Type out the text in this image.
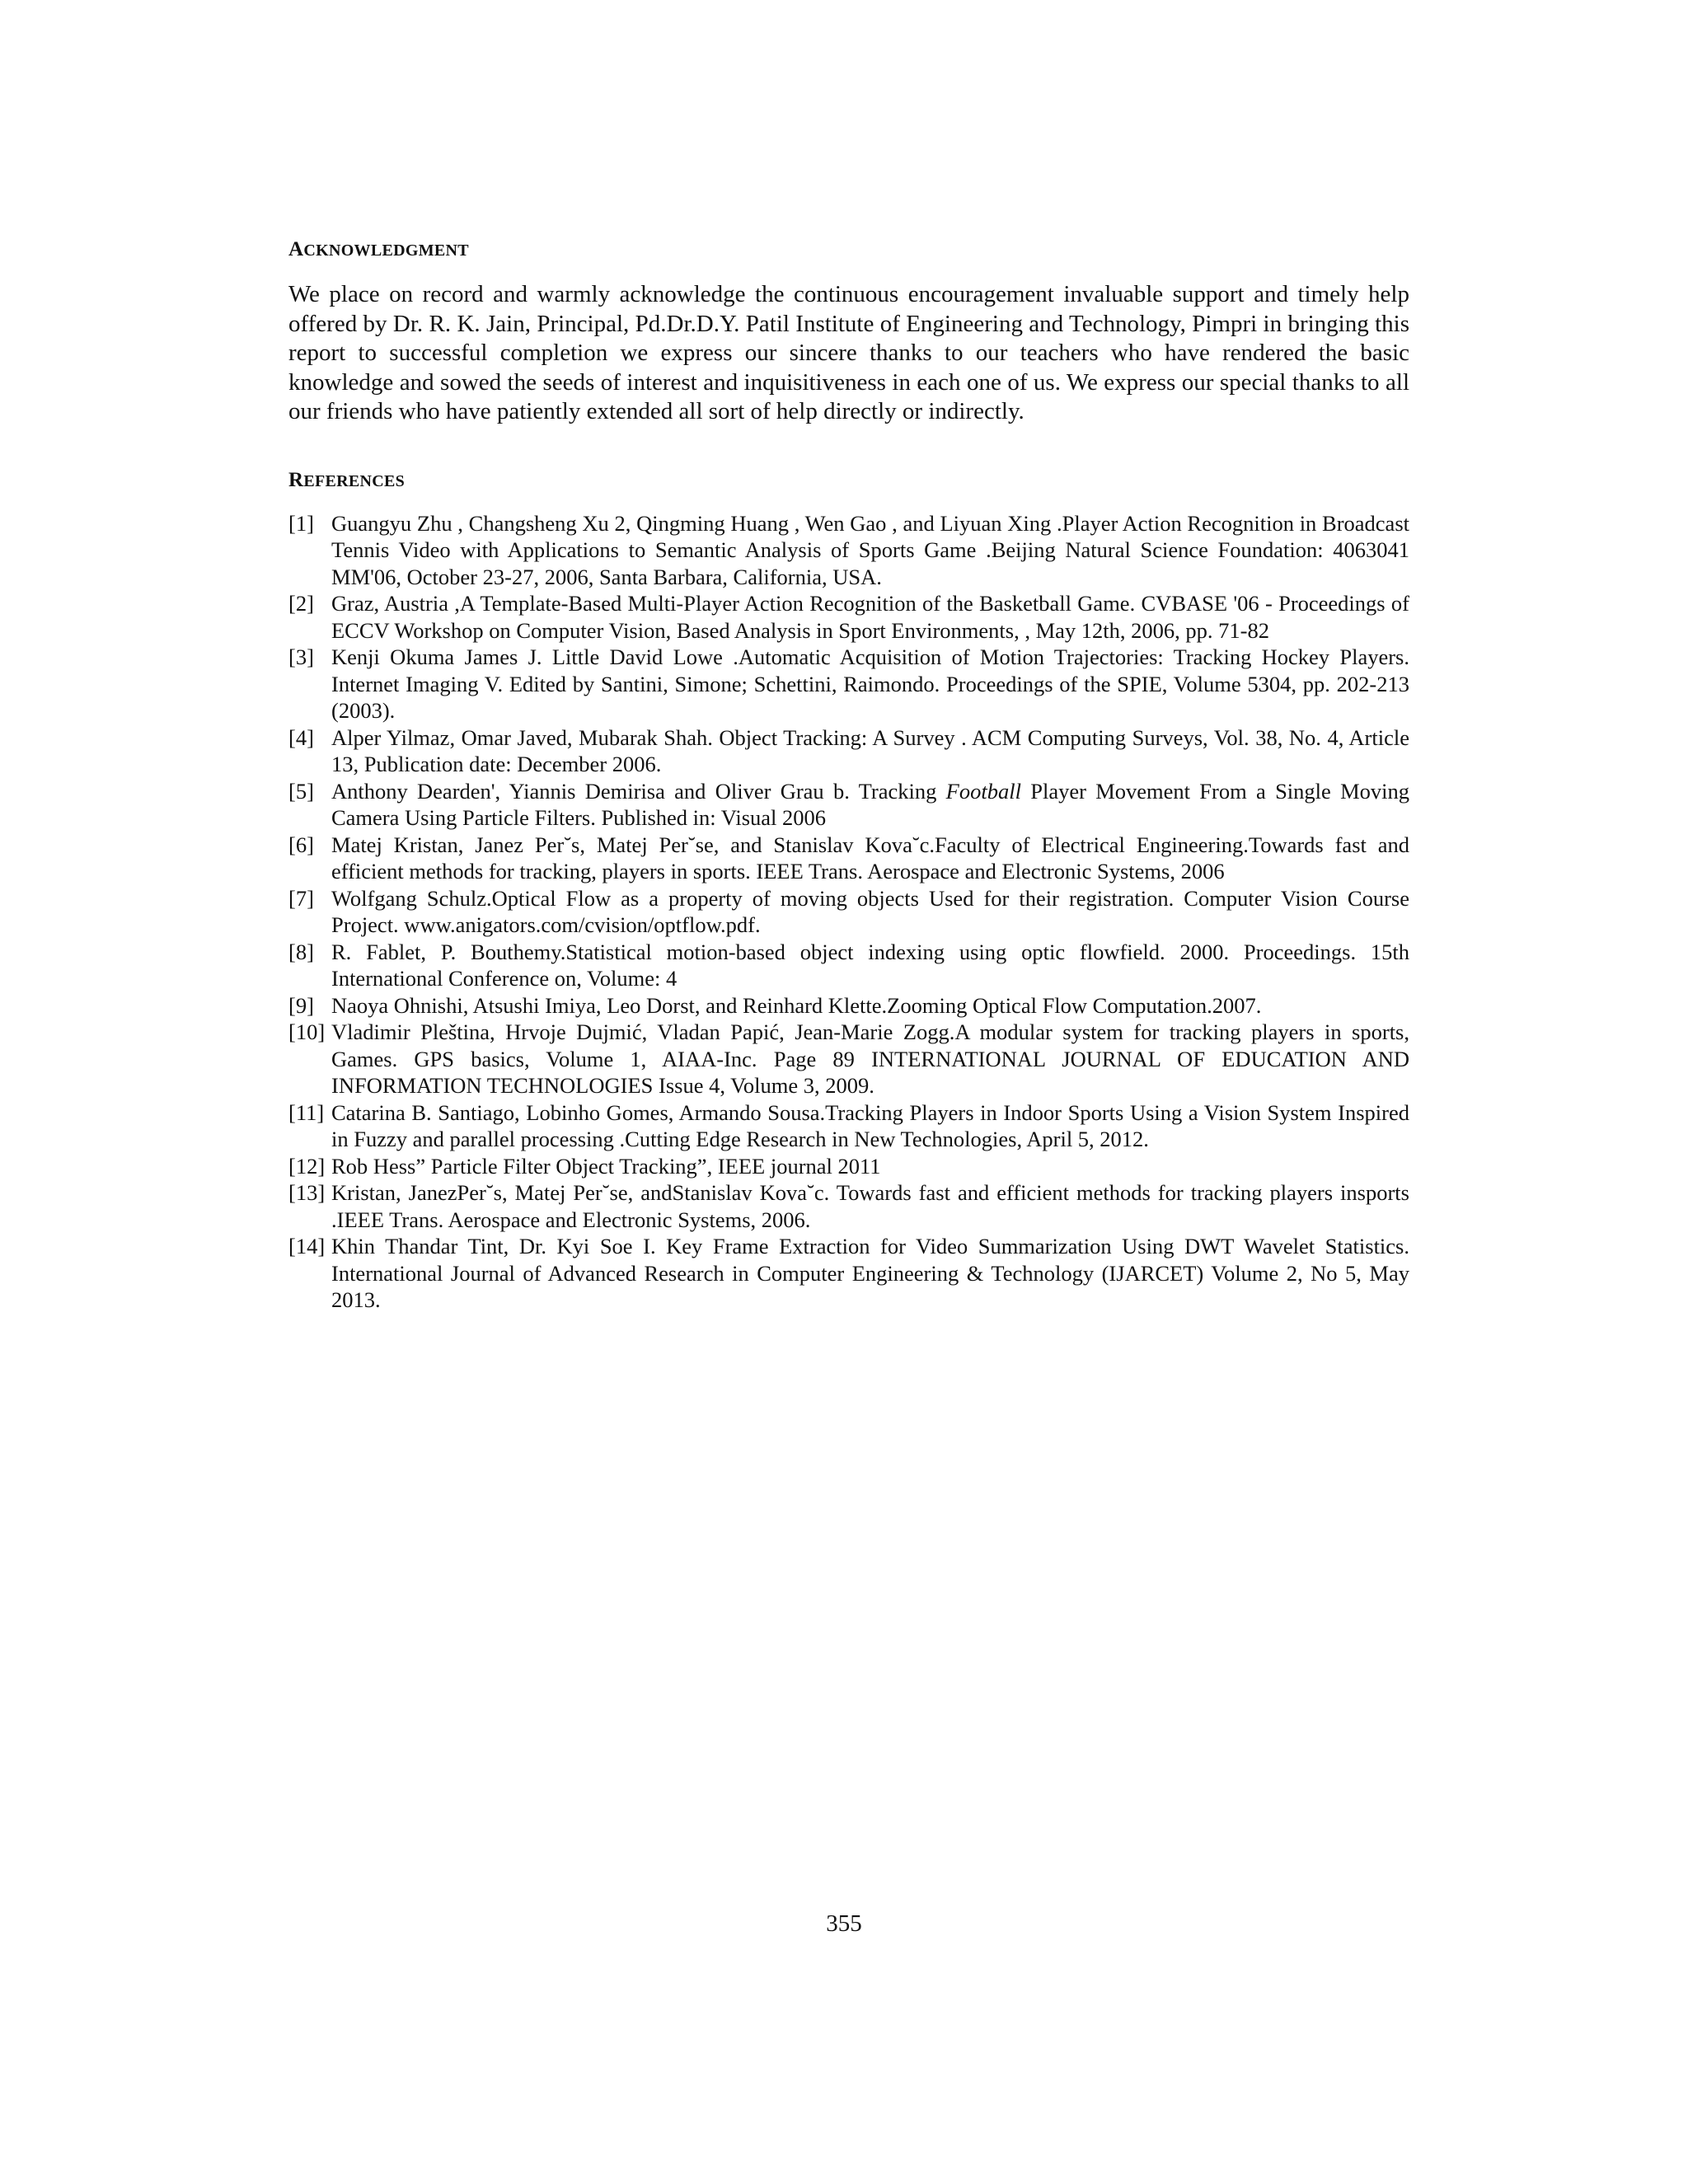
ACKNOWLEDGMENT

We place on record and warmly acknowledge the continuous encouragement invaluable support and timely help offered by Dr. R. K. Jain, Principal, Pd.Dr.D.Y. Patil Institute of Engineering and Technology, Pimpri in bringing this report to successful completion we express our sincere thanks to our teachers who have rendered the basic knowledge and sowed the seeds of interest and inquisitiveness in each one of us. We express our special thanks to all our friends who have patiently extended all sort of help directly or indirectly.

REFERENCES
[1] Guangyu Zhu , Changsheng Xu 2, Qingming Huang , Wen Gao , and Liyuan Xing .Player Action Recognition in Broadcast Tennis Video with Applications to Semantic Analysis of Sports Game .Beijing Natural Science Foundation: 4063041 MM'06, October 23-27, 2006, Santa Barbara, California, USA.
[2] Graz, Austria ,A Template-Based Multi-Player Action Recognition of the Basketball Game. CVBASE '06 - Proceedings of ECCV Workshop on Computer Vision, Based Analysis in Sport Environments, , May 12th, 2006, pp. 71-82
[3] Kenji Okuma James J. Little David Lowe .Automatic Acquisition of Motion Trajectories: Tracking Hockey Players. Internet Imaging V. Edited by Santini, Simone; Schettini, Raimondo. Proceedings of the SPIE, Volume 5304, pp. 202-213 (2003).
[4] Alper Yilmaz, Omar Javed, Mubarak Shah. Object Tracking: A Survey . ACM Computing Surveys, Vol. 38, No. 4, Article 13, Publication date: December 2006.
[5] Anthony Dearden', Yiannis Demirisa and Oliver Grau b. Tracking Football Player Movement From a Single Moving Camera Using Particle Filters. Published in: Visual 2006
[6] Matej Kristan, Janez Per˘s, Matej Per˘se, and Stanislav Kova˘c.Faculty of Electrical Engineering.Towards fast and efficient methods for tracking, players in sports. IEEE Trans. Aerospace and Electronic Systems, 2006
[7] Wolfgang Schulz.Optical Flow as a property of moving objects Used for their registration. Computer Vision Course Project. www.anigators.com/cvision/optflow.pdf.
[8] R. Fablet, P. Bouthemy.Statistical motion-based object indexing using optic flowfield. 2000. Proceedings. 15th International Conference on, Volume: 4
[9] Naoya Ohnishi, Atsushi Imiya, Leo Dorst, and Reinhard Klette.Zooming Optical Flow Computation.2007.
[10] Vladimir Pleština, Hrvoje Dujmić, Vladan Papić, Jean-Marie Zogg.A modular system for tracking players in sports, Games. GPS basics, Volume 1, AIAA-Inc. Page 89 INTERNATIONAL JOURNAL OF EDUCATION AND INFORMATION TECHNOLOGIES Issue 4, Volume 3, 2009.
[11] Catarina B. Santiago, Lobinho Gomes, Armando Sousa.Tracking Players in Indoor Sports Using a Vision System Inspired in Fuzzy and parallel processing .Cutting Edge Research in New Technologies, April 5, 2012.
[12] Rob Hess” Particle Filter Object Tracking”, IEEE journal 2011
[13] Kristan, JanezPer˘s, Matej Per˘se, andStanislav Kova˘c. Towards fast and efficient methods for tracking players insports .IEEE Trans. Aerospace and Electronic Systems, 2006.
[14] Khin Thandar Tint, Dr. Kyi Soe I. Key Frame Extraction for Video Summarization Using DWT Wavelet Statistics. International Journal of Advanced Research in Computer Engineering & Technology (IJARCET) Volume 2, No 5, May 2013.
355
